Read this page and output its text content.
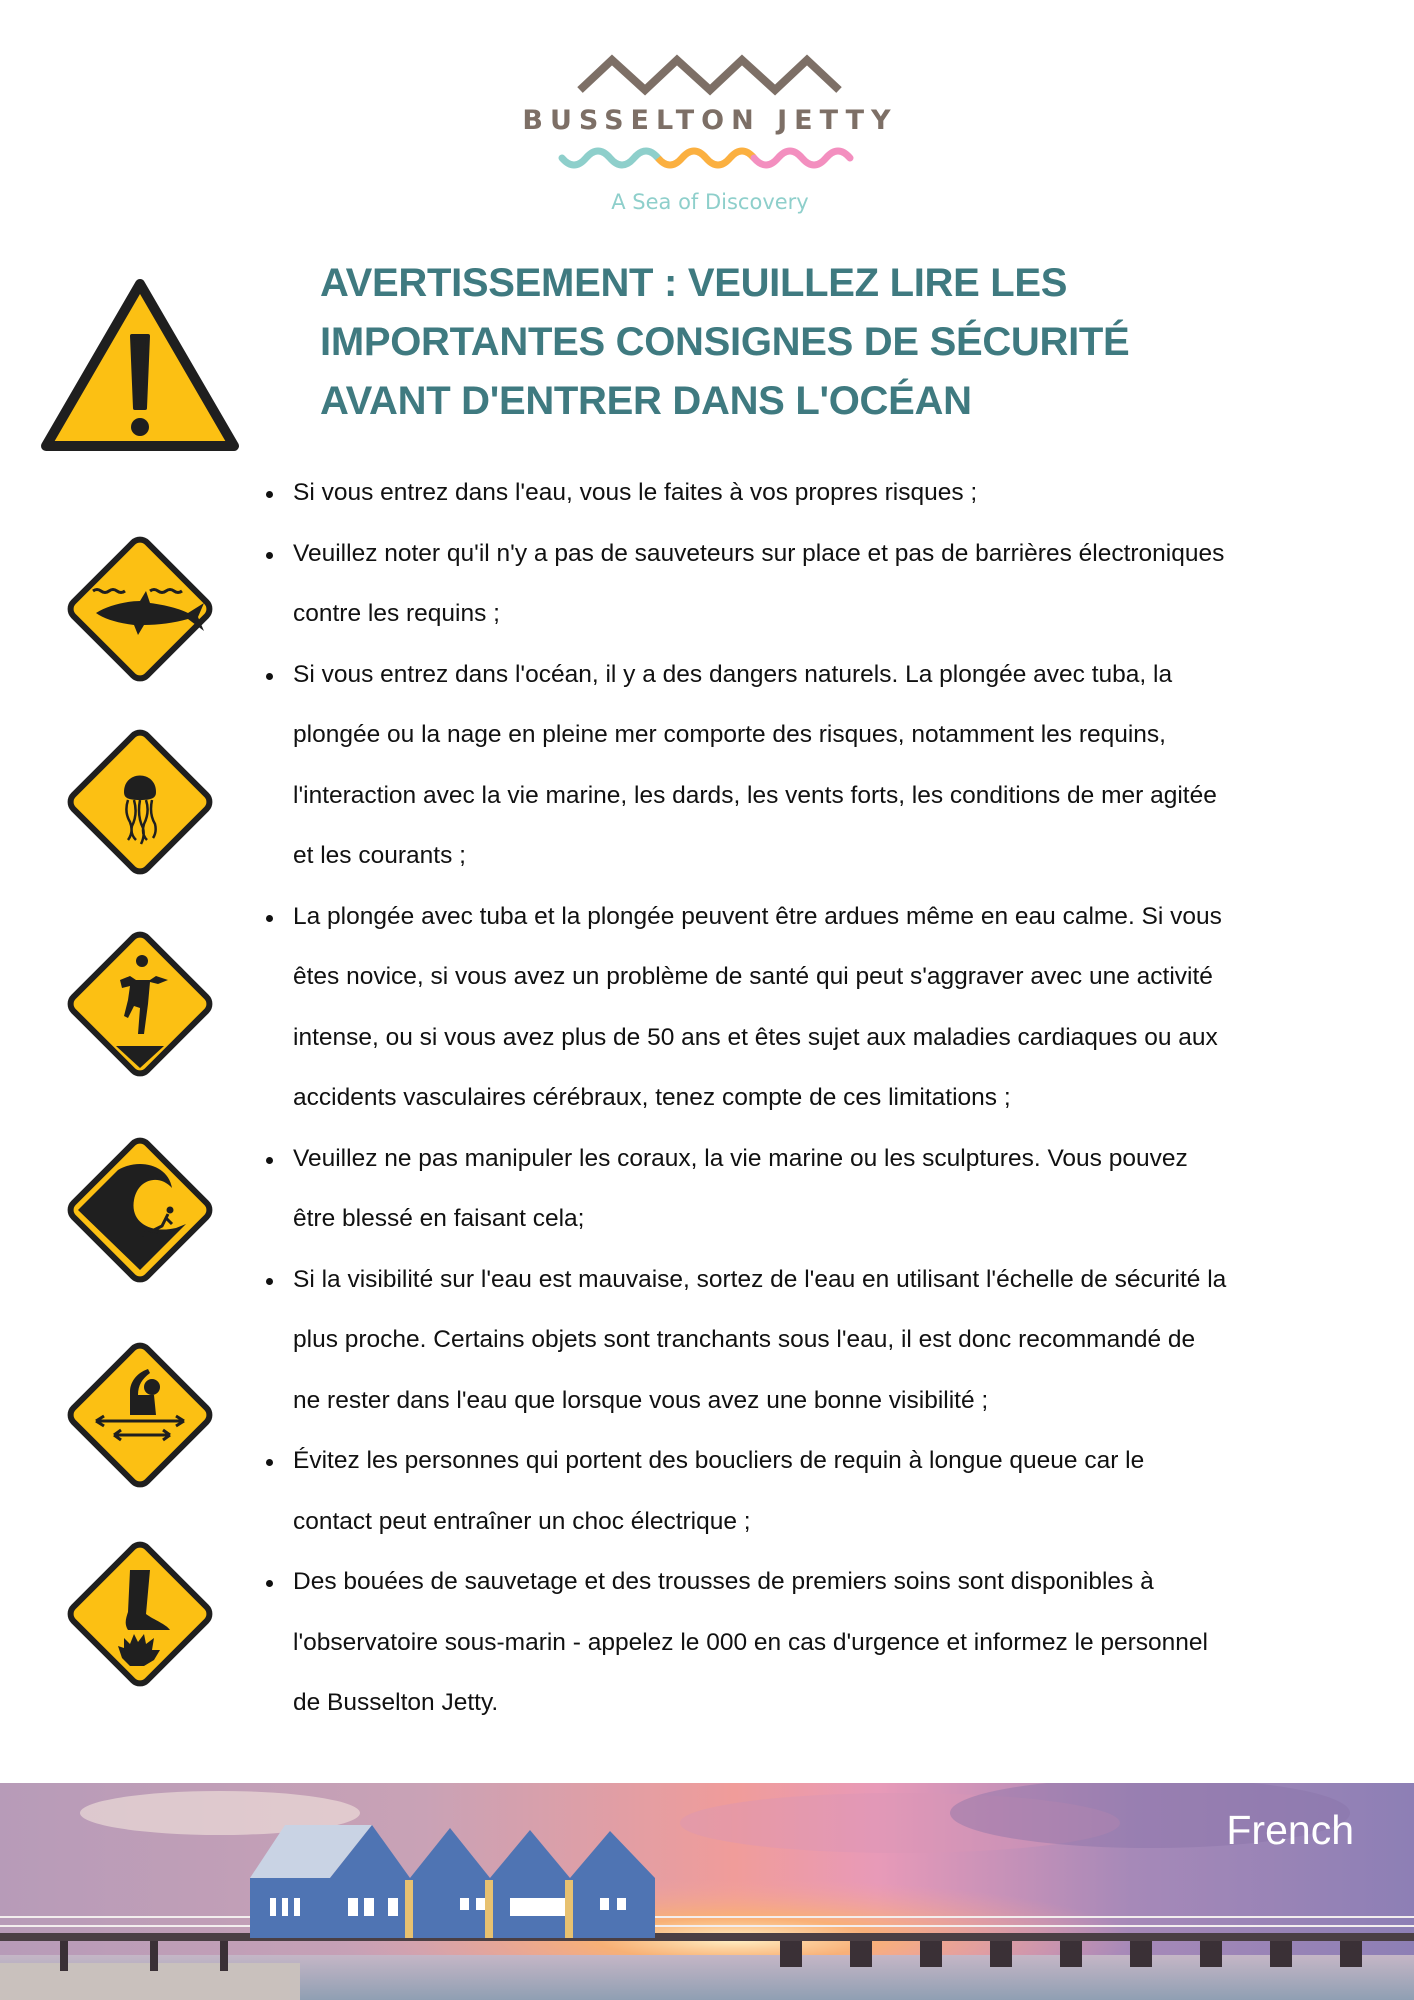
BUSSELTON JETTY
A Sea of Discovery
AVERTISSEMENT : VEUILLEZ LIRE LES
IMPORTANTES CONSIGNES DE SÉCURITÉ
AVANT D'ENTRER DANS L'OCÉAN
Si vous entrez dans l'eau, vous le faites à vos propres risques ;
Veuillez noter qu'il n'y a pas de sauveteurs sur place et pas de barrières électroniques
contre les requins ;
Si vous entrez dans l'océan, il y a des dangers naturels. La plongée avec tuba, la
plongée ou la nage en pleine mer comporte des risques, notamment les requins,
l'interaction avec la vie marine, les dards, les vents forts, les conditions de mer agitée
et les courants ;
La plongée avec tuba et la plongée peuvent être ardues même en eau calme. Si vous
êtes novice, si vous avez un problème de santé qui peut s'aggraver avec une activité
intense, ou si vous avez plus de 50 ans et êtes sujet aux maladies cardiaques ou aux
accidents vasculaires cérébraux, tenez compte de ces limitations ;
Veuillez ne pas manipuler les coraux, la vie marine ou les sculptures. Vous pouvez
être blessé en faisant cela;
Si la visibilité sur l'eau est mauvaise, sortez de l'eau en utilisant l'échelle de sécurité la
plus proche. Certains objets sont tranchants sous l'eau, il est donc recommandé de
ne rester dans l'eau que lorsque vous avez une bonne visibilité ;
Évitez les personnes qui portent des boucliers de requin à longue queue car le
contact peut entraîner un choc électrique ;
Des bouées de sauvetage et des trousses de premiers soins sont disponibles à
l'observatoire sous-marin - appelez le 000 en cas d'urgence et informez le personnel
de Busselton Jetty.
French
